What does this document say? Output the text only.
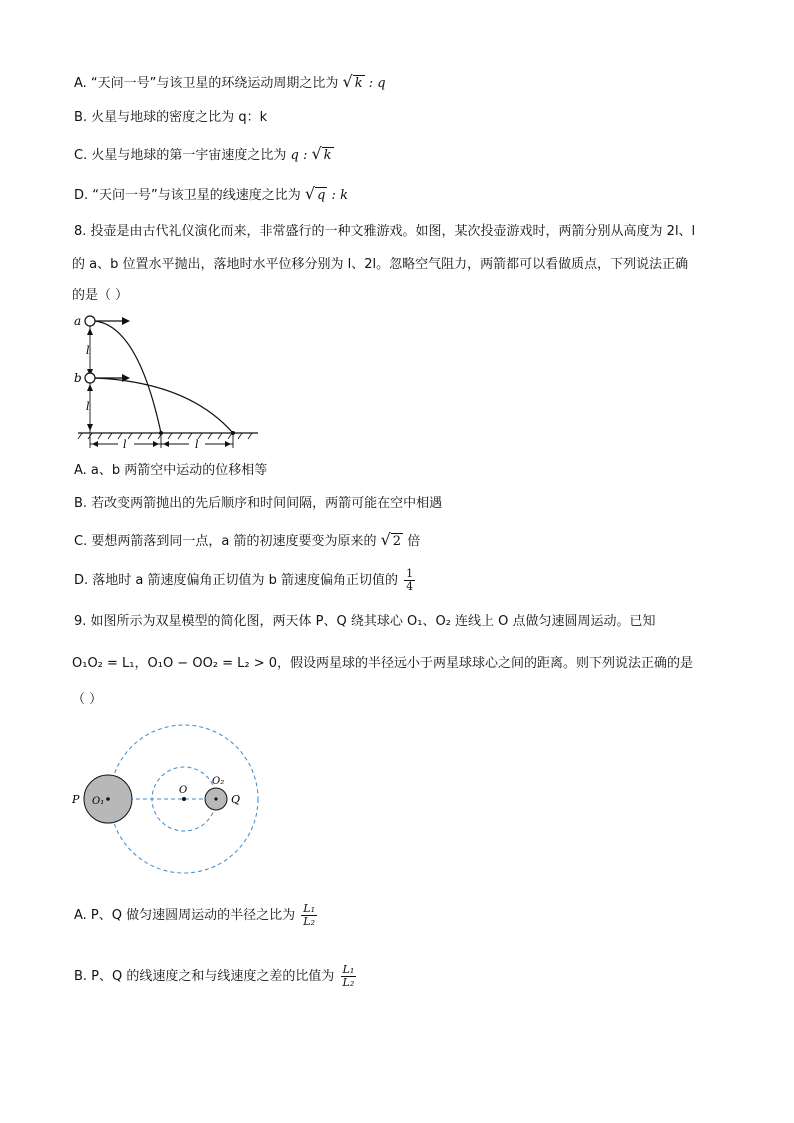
A. “天问一号”与该卫星的环绕运动周期之比为 √ k : q
B. 火星与地球的密度之比为 q：k
C. 火星与地球的第一宇宙速度之比为 q : √ k
D. “天问一号”与该卫星的线速度之比为 √ q : k
8. 投壶是由古代礼仪演化而来，非常盛行的一种文雅游戏。如图，某次投壶游戏时，两箭分别从高度为 2l、l
的 a、b 位置水平抛出，落地时水平位移分别为 l、2l。忽略空气阻力，两箭都可以看做质点，下列说法正确
的是（ ）
a
b
l
l
l	l
A. a、b 两箭空中运动的位移相等
B. 若改变两箭抛出的先后顺序和时间间隔，两箭可能在空中相遇
C. 要想两箭落到同一点，a 箭的初速度要变为原来的 √ 2 倍
D. 落地时 a 箭速度偏角正切值为 b 箭速度偏角正切值的 $\frac{1}{4}$
9. 如图所示为双星模型的简化图，两天体 P、Q 绕其球心 O₁、O₂ 连线上 O 点做匀速圆周运动。已知
O₁O₂ = L₁，O₁O − OO₂ = L₂ > 0，假设两星球的半径远小于两星球球心之间的距离。则下列说法正确的是
（ ）
P O₁
O
O₂
Q
A. P、Q 做匀速圆周运动的半径之比为 $\frac{\text{L₁}}{\text{L₂}}$
B. P、Q 的线速度之和与线速度之差的比值为 $\frac{\text{L₁}}{\text{L₂}}$
